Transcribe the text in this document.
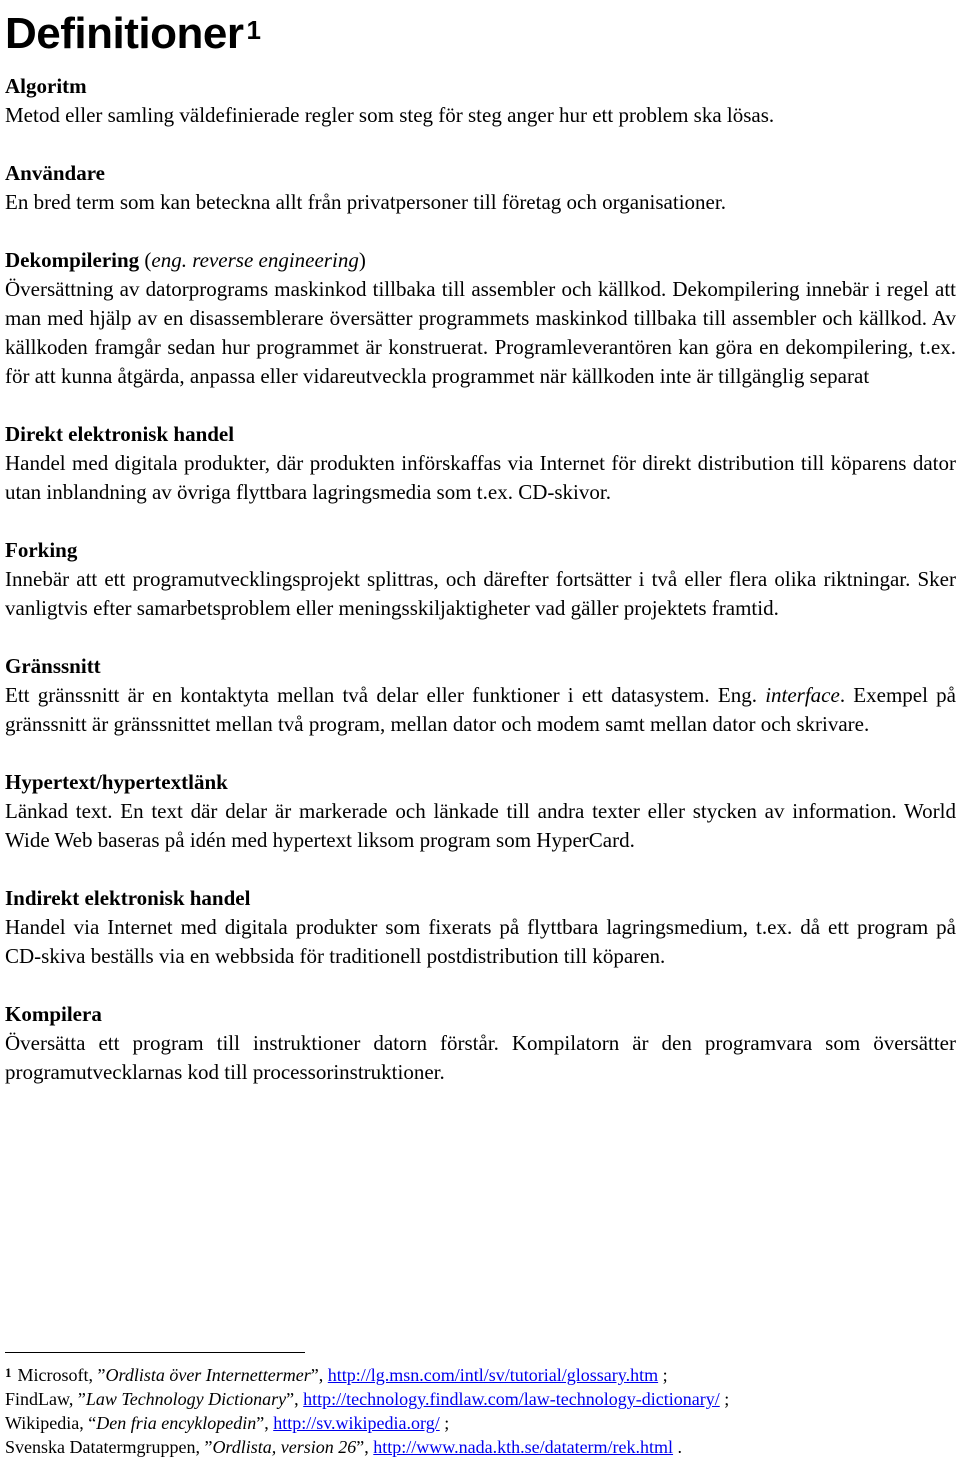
Definitioner $^1$

Algoritm

Metod eller samling väldefinierade regler som steg för steg anger hur ett problem ska lösas.

Användare

En bred term som kan beteckna allt från privatpersoner till företag och organisationer.

Dekompilering (eng. reverse engineering)

Översättning av datorprograms maskinkod tillbaka till assembler och källkod. Dekompilering innebär i regel att man med hjälp av en disassemblerare översätter programmets maskinkod tillbaka till assembler och källkod. Av källkoden framgår sedan hur programmet är konstruerat. Programleverantören kan göra en dekompilering, t.ex. för att kunna åtgärda, anpassa eller vidareutveckla programmet när källkoden inte är tillgänglig separat

Direkt elektronisk handel

Handel med digitala produkter, där produkten införskaffas via Internet för direkt distribution till köparens dator utan inblandning av övriga flyttbara lagringsmedia som t.ex. CD-skivor.

Forking

Innebär att ett programutvecklingsprojekt splittras, och därefter fortsätter i två eller flera olika riktningar. Sker vanligtvis efter samarbetsproblem eller meningsskiljaktigheter vad gäller projektets framtid.

Gränssnitt

Ett gränssnitt är en kontaktyta mellan två delar eller funktioner i ett datasystem. Eng. interface. Exempel på gränssnitt är gränssnittet mellan två program, mellan dator och modem samt mellan dator och skrivare.

Hypertext/hypertextlänk

Länkad text. En text där delar är markerade och länkade till andra texter eller stycken av information. World Wide Web baseras på idén med hypertext liksom program som HyperCard.

Indirekt elektronisk handel

Handel via Internet med digitala produkter som fixerats på flyttbara lagringsmedium, t.ex. då ett program på CD-skiva beställs via en webbsida för traditionell postdistribution till köparen.

Kompilera

Översätta ett program till instruktioner datorn förstår. Kompilatorn är den programvara som översätter programutvecklarnas kod till processorinstruktioner.

$^1$ Microsoft, ”Ordlista över Internettermer”, http://lg.msn.com/intl/sv/tutorial/glossary.htm ;
FindLaw, ”Law Technology Dictionary”, http://technology.findlaw.com/law-technology-dictionary/ ;
Wikipedia, “Den fria encyklopedin”, http://sv.wikipedia.org/ ;
Svenska Datatermgruppen, ”Ordlista, version 26”, http://www.nada.kth.se/dataterm/rek.html .
